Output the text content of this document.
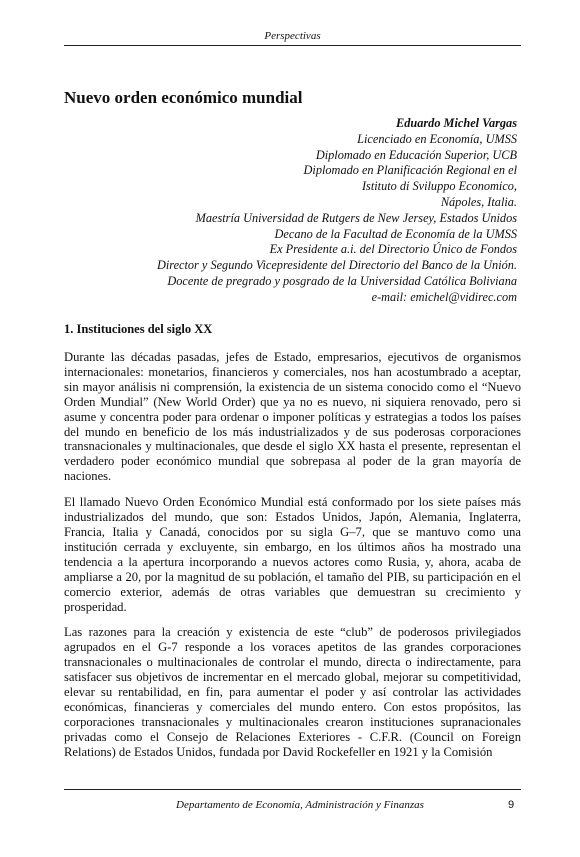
Perspectivas
Nuevo orden económico mundial
Eduardo Michel Vargas
Licenciado en Economía, UMSS
Diplomado en Educación Superior, UCB
Diplomado en Planificación Regional en el
Istituto di Sviluppo Economico,
Nápoles, Italia.
Maestría Universidad de Rutgers de New Jersey, Estados Unidos
Decano de la Facultad de Economía de la UMSS
Ex Presidente a.i. del Directorio Único de Fondos
Director y Segundo Vicepresidente del Directorio del Banco de la Unión.
Docente de pregrado y posgrado de la Universidad Católica Boliviana
e-mail: emichel@vidirec.com
1. Instituciones del siglo XX

Durante las décadas pasadas, jefes de Estado, empresarios, ejecutivos de organismos internacionales: monetarios, financieros y comerciales, nos han acostumbrado a aceptar, sin mayor análisis ni comprensión, la existencia de un sistema conocido como el “Nuevo Orden Mundial” (New World Order) que ya no es nuevo, ni siquiera renovado, pero si asume y concentra poder para ordenar o imponer políticas y estrategias a todos los países del mundo en beneficio de los más industrializados y de sus poderosas corporaciones transnacionales y multinacionales, que desde el siglo XX hasta el presente, representan el verdadero poder económico mundial que sobrepasa al poder de la gran mayoría de naciones.

El llamado Nuevo Orden Económico Mundial está conformado por los siete países más industrializados del mundo, que son: Estados Unidos, Japón, Alemania, Inglaterra, Francia, Italia y Canadá, conocidos por su sigla G–7, que se mantuvo como una institución cerrada y excluyente, sin embargo, en los últimos años ha mostrado una tendencia a la apertura incorporando a nuevos actores como Rusia, y, ahora, acaba de ampliarse a 20, por la magnitud de su población, el tamaño del PIB, su participación en el comercio exterior, además de otras variables que demuestran su crecimiento y prosperidad.

Las razones para la creación y existencia de este “club” de poderosos privilegiados agrupados en el G-7 responde a los voraces apetitos de las grandes corporaciones transnacionales o multinacionales de controlar el mundo, directa o indirectamente, para satisfacer sus objetivos de incrementar en el mercado global, mejorar su competitividad, elevar su rentabilidad, en fin, para aumentar el poder y así controlar las actividades económicas, financieras y comerciales del mundo entero. Con estos propósitos, las corporaciones transnacionales y multinacionales crearon instituciones supranacionales privadas como el Consejo de Relaciones Exteriores - C.F.R. (Council on Foreign Relations) de Estados Unidos, fundada por David Rockefeller en 1921 y la Comisión

Departamento de Economía, Administración y Finanzas	9
